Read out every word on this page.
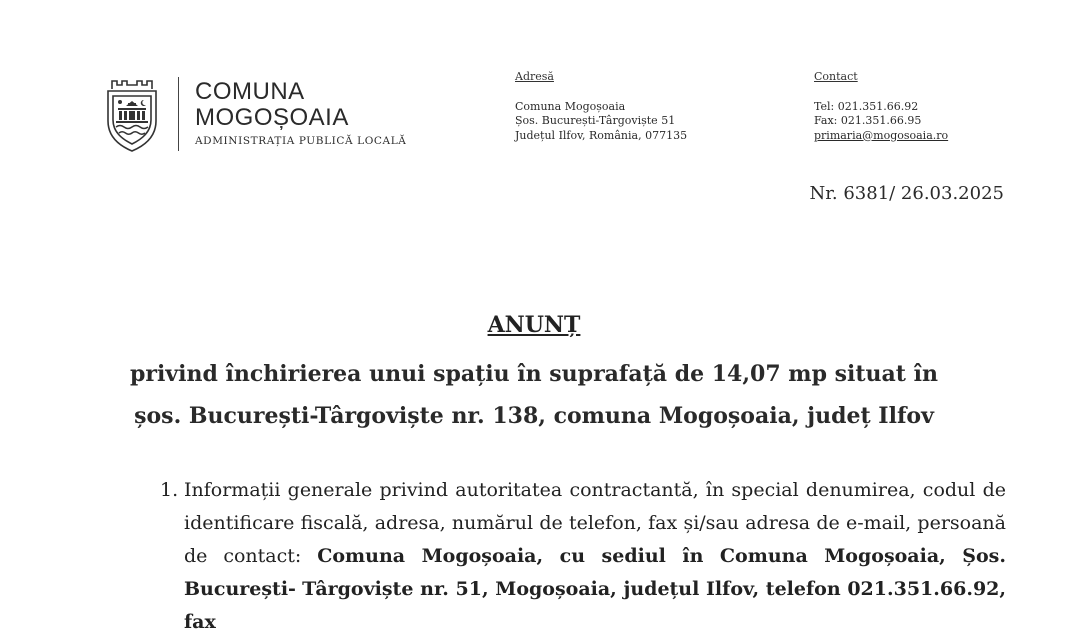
COMUNA
MOGOȘOAIA
ADMINISTRAȚIA PUBLICĂ LOCALĂ
Adresă
Comuna Mogoșoaia
Șos. București-Târgoviște 51
Județul Ilfov, România, 077135
Contact
Tel: 021.351.66.92
Fax: 021.351.66.95
primaria@mogosoaia.ro
Nr. 6381/ 26.03.2025
ANUNȚ
privind închirierea unui spațiu în suprafață de 14,07 mp situat în șos. București-Târgoviște nr. 138, comuna Mogoșoaia, județ Ilfov
1. Informații generale privind autoritatea contractantă, în special denumirea, codul de identificare fiscală, adresa, numărul de telefon, fax și/sau adresa de e-mail, persoană de contact: Comuna Mogoșoaia, cu sediul în Comuna Mogoșoaia, Șos. București- Târgoviște nr. 51, Mogoșoaia, județul Ilfov, telefon 021.351.66.92, fax
